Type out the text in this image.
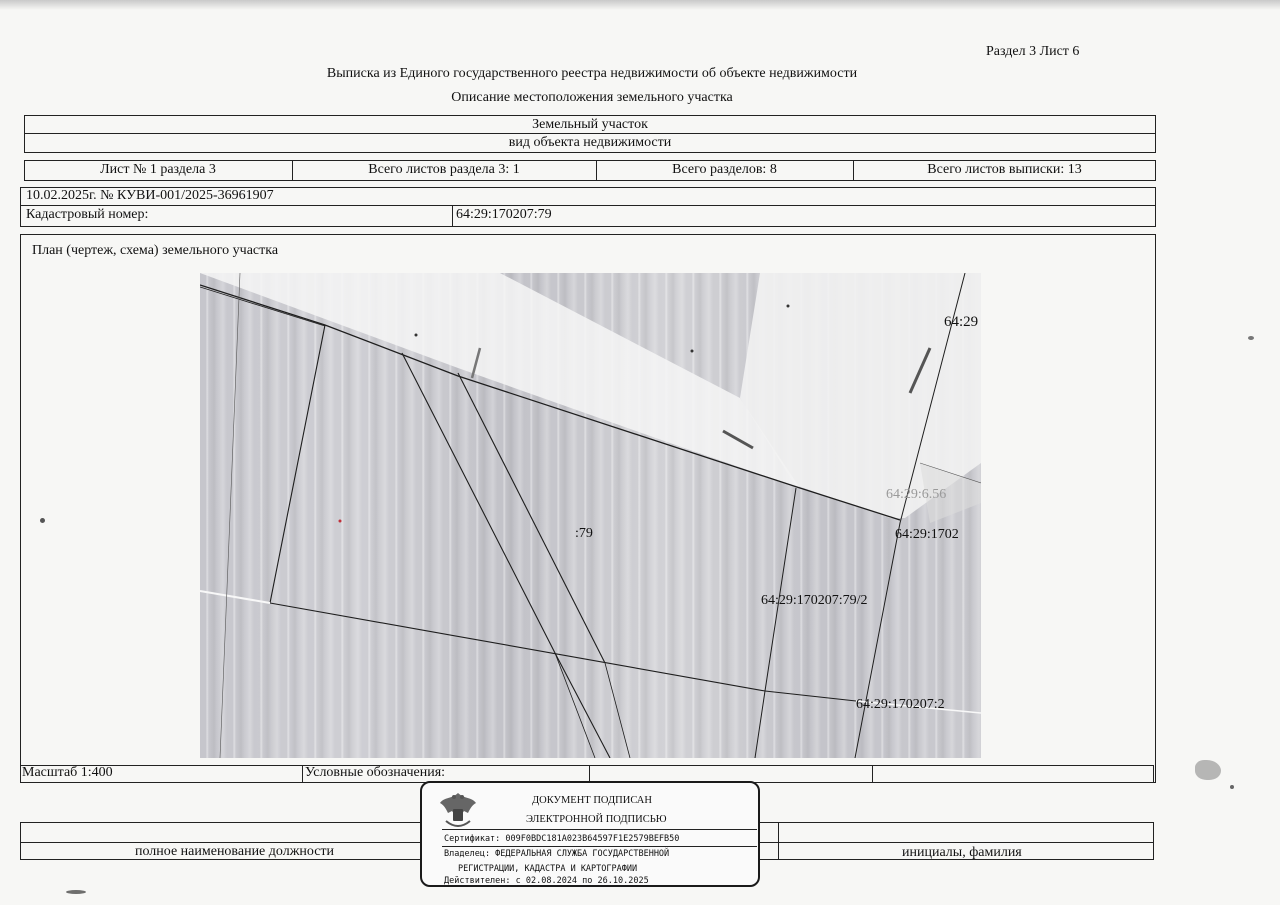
Раздел 3 Лист 6
Выписка из Единого государственного реестра недвижимости об объекте недвижимости
Описание местоположения земельного участка
Земельный участок
вид объекта недвижимости
Лист № 1 раздела 3	Всего листов раздела 3: 1	Всего разделов: 8	Всего листов выписки: 13
10.02.2025г. № КУВИ-001/2025-36961907
Кадастровый номер:	64:29:170207:79
План (чертеж, схема) земельного участка
:79
64:29:170207:79/2
64:29
64:29:6.56
64:29:1702
64:29:170207:2
Масштаб 1:400	Условные обозначения:
полное наименование должности	инициалы, фамилия
ДОКУМЕНТ ПОДПИСАН
ЭЛЕКТРОННОЙ ПОДПИСЬЮ
Сертификат: 009F0BDC181A023B64597F1E2579BEFB50
Владелец: ФЕДЕРАЛЬНАЯ СЛУЖБА ГОСУДАРСТВЕННОЙ
РЕГИСТРАЦИИ, КАДАСТРА И КАРТОГРАФИИ
Действителен: с 02.08.2024 по 26.10.2025
